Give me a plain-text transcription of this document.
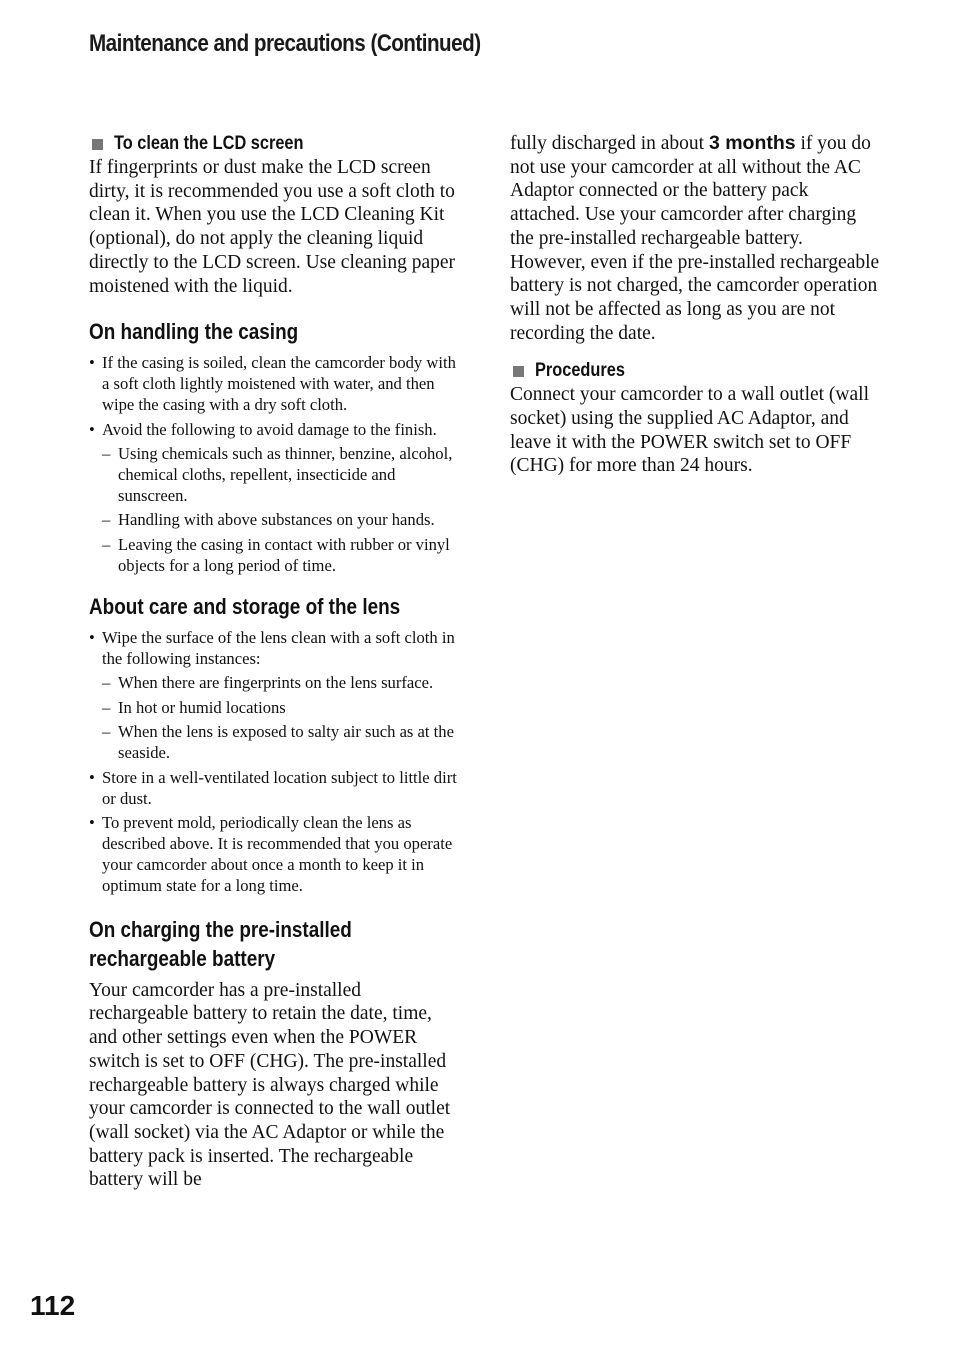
Maintenance and precautions (Continued)
To clean the LCD screen

If fingerprints or dust make the LCD screen dirty, it is recommended you use a soft cloth to clean it. When you use the LCD Cleaning Kit (optional), do not apply the cleaning liquid directly to the LCD screen. Use cleaning paper moistened with the liquid.

On handling the casing
• If the casing is soiled, clean the camcorder body with a soft cloth lightly moistened with water, and then wipe the casing with a dry soft cloth.
• Avoid the following to avoid damage to the finish.
– Using chemicals such as thinner, benzine, alcohol, chemical cloths, repellent, insecticide and sunscreen.
– Handling with above substances on your hands.
– Leaving the casing in contact with rubber or vinyl objects for a long period of time.
About care and storage of the lens
• Wipe the surface of the lens clean with a soft cloth in the following instances:
– When there are fingerprints on the lens surface.
– In hot or humid locations
– When the lens is exposed to salty air such as at the seaside.
• Store in a well-ventilated location subject to little dirt or dust.
• To prevent mold, periodically clean the lens as described above. It is recommended that you operate your camcorder about once a month to keep it in optimum state for a long time.
On charging the pre-installed
rechargeable battery

Your camcorder has a pre-installed rechargeable battery to retain the date, time, and other settings even when the POWER switch is set to OFF (CHG). The pre-installed rechargeable battery is always charged while your camcorder is connected to the wall outlet (wall socket) via the AC Adaptor or while the battery pack is inserted. The rechargeable battery will be

fully discharged in about 3 months if you do not use your camcorder at all without the AC Adaptor connected or the battery pack attached. Use your camcorder after charging the pre-installed rechargeable battery.

However, even if the pre-installed rechargeable battery is not charged, the camcorder operation will not be affected as long as you are not recording the date.

Procedures

Connect your camcorder to a wall outlet (wall socket) using the supplied AC Adaptor, and leave it with the POWER switch set to OFF (CHG) for more than 24 hours.

112
